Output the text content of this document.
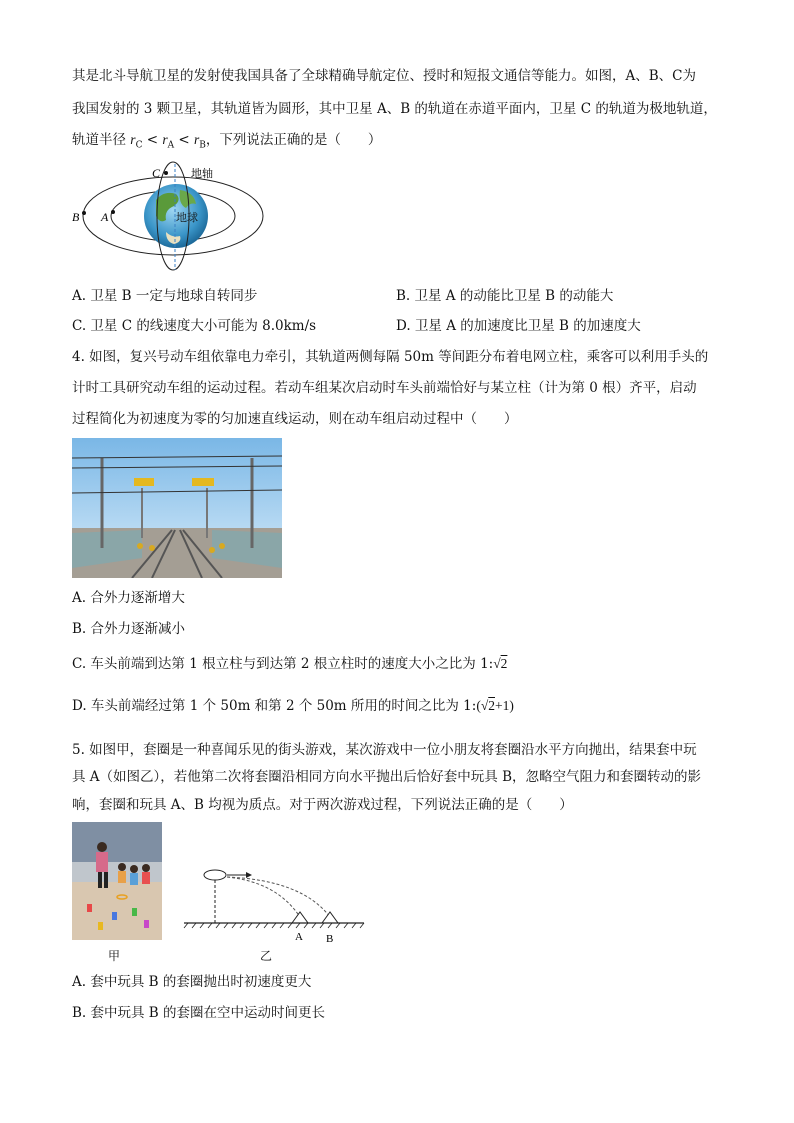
其是北斗导航卫星的发射使我国具备了全球精确导航定位、授时和短报文通信等能力。如图，A、B、C为
我国发射的 3 颗卫星，其轨道皆为圆形，其中卫星 A、B 的轨道在赤道平面内，卫星 C 的轨道为极地轨道，
轨道半径 $r_C < r_A < r_B$，下列说法正确的是（　　）
C
B A
地轴
地球
A. 卫星 B 一定与地球自转同步	B. 卫星 A 的动能比卫星 B 的动能大
C. 卫星 C 的线速度大小可能为 8.0km/s	D. 卫星 A 的加速度比卫星 B 的加速度大
4. 如图，复兴号动车组依靠电力牵引，其轨道两侧每隔 50m 等间距分布着电网立柱，乘客可以利用手头的
计时工具研究动车组的运动过程。若动车组某次启动时车头前端恰好与某立柱（计为第 0 根）齐平，启动
过程简化为初速度为零的匀加速直线运动，则在动车组启动过程中（　　）
A. 合外力逐渐增大
B. 合外力逐渐减小
C. 车头前端到达第 1 根立柱与到达第 2 根立柱时的速度大小之比为 1:√2
D. 车头前端经过第 1 个 50m 和第 2 个 50m 所用的时间之比为 1:(√2+1)
5. 如图甲，套圈是一种喜闻乐见的街头游戏，某次游戏中一位小朋友将套圈沿水平方向抛出，结果套中玩
具 A（如图乙），若他第二次将套圈沿相同方向水平抛出后恰好套中玩具 B，忽略空气阻力和套圈转动的影
响，套圈和玩具 A、B 均视为质点。对于两次游戏过程，下列说法正确的是（　　）
甲
A B
乙
A. 套中玩具 B 的套圈抛出时初速度更大
B. 套中玩具 B 的套圈在空中运动时间更长
